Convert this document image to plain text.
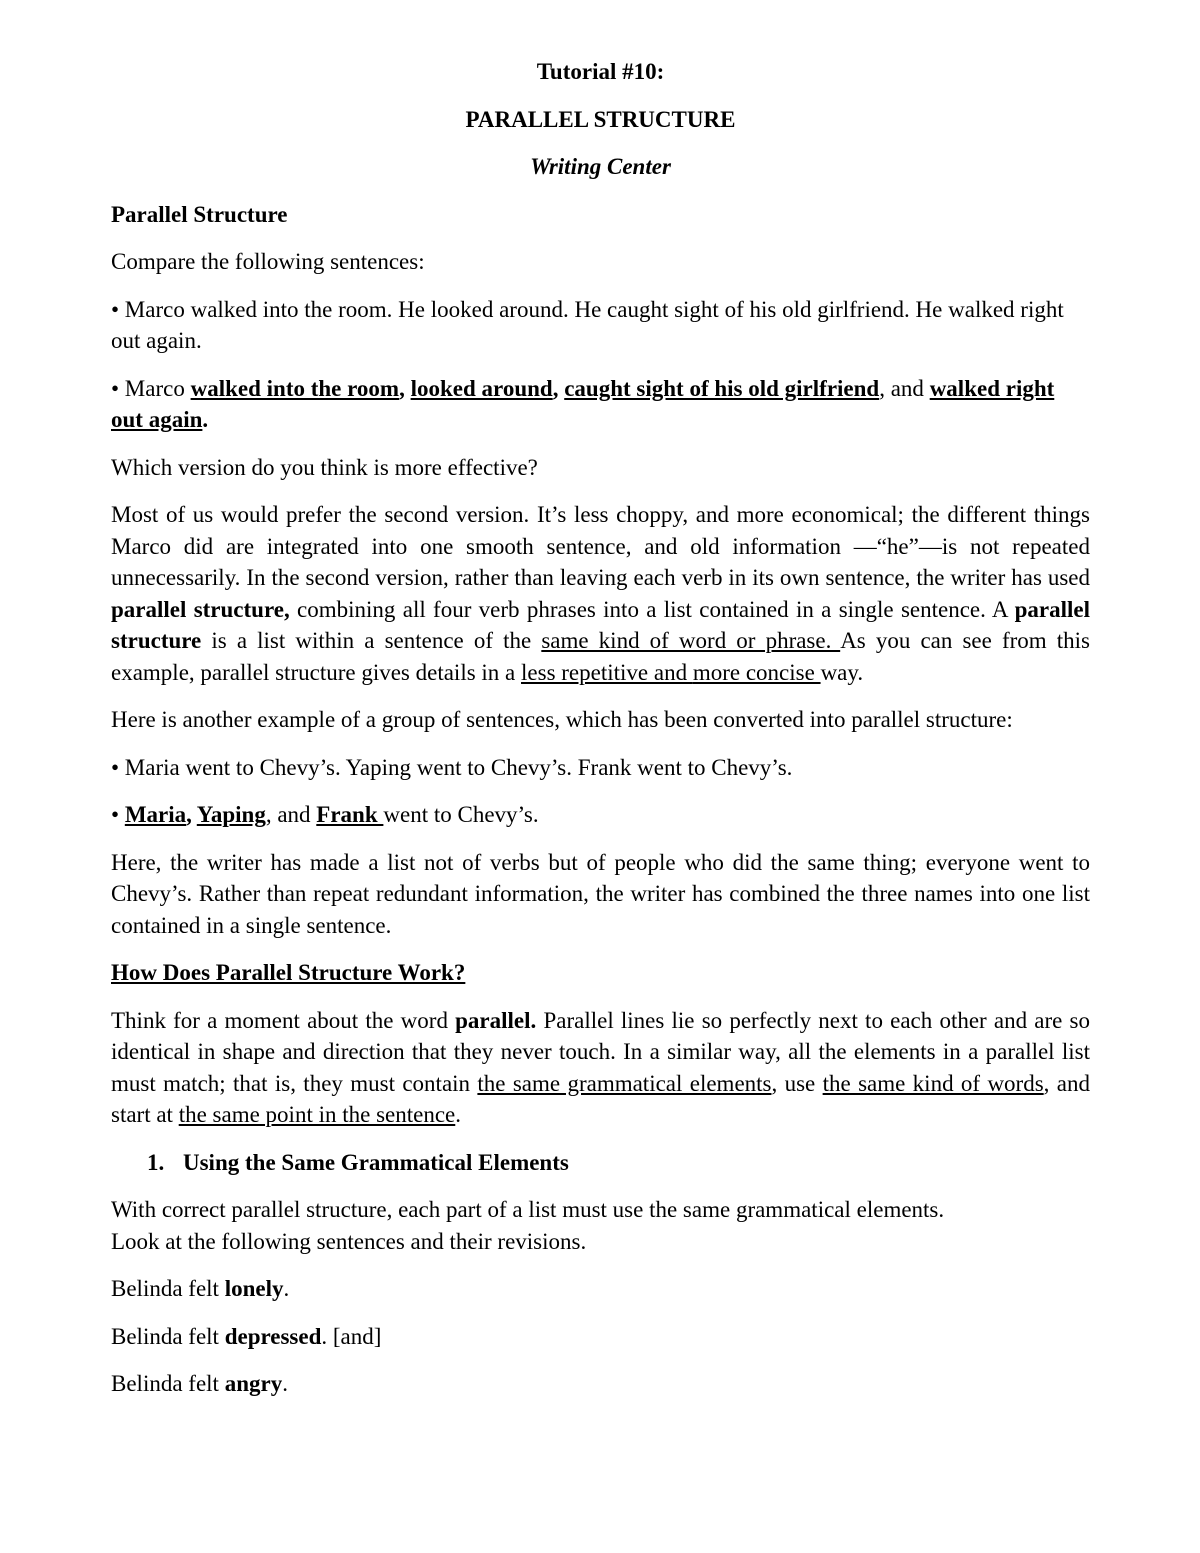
Tutorial #10:

PARALLEL STRUCTURE

Writing Center

Parallel Structure

Compare the following sentences:

• Marco walked into the room. He looked around. He caught sight of his old girlfriend. He walked right out again.

• Marco walked into the room, looked around, caught sight of his old girlfriend, and walked right out again.

Which version do you think is more effective?

Most of us would prefer the second version. It’s less choppy, and more economical; the different things Marco did are integrated into one smooth sentence, and old information —“he”—is not repeated unnecessarily. In the second version, rather than leaving each verb in its own sentence, the writer has used parallel structure, combining all four verb phrases into a list contained in a single sentence. A parallel structure is a list within a sentence of the same kind of word or phrase. As you can see from this example, parallel structure gives details in a less repetitive and more concise way.

Here is another example of a group of sentences, which has been converted into parallel structure:

• Maria went to Chevy’s. Yaping went to Chevy’s. Frank went to Chevy’s.

• Maria, Yaping, and Frank went to Chevy’s.

Here, the writer has made a list not of verbs but of people who did the same thing; everyone went to Chevy’s. Rather than repeat redundant information, the writer has combined the three names into one list contained in a single sentence.

How Does Parallel Structure Work?

Think for a moment about the word parallel. Parallel lines lie so perfectly next to each other and are so identical in shape and direction that they never touch. In a similar way, all the elements in a parallel list must match; that is, they must contain the same grammatical elements, use the same kind of words, and start at the same point in the sentence.

1. Using the Same Grammatical Elements

With correct parallel structure, each part of a list must use the same grammatical elements.
Look at the following sentences and their revisions.

Belinda felt lonely.

Belinda felt depressed. [and]

Belinda felt angry.
